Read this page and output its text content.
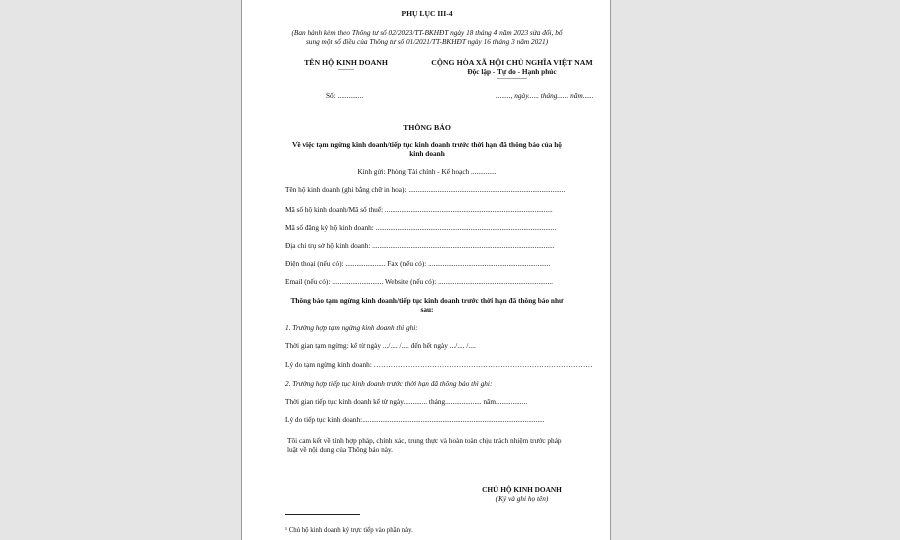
PHỤ LỤC III-4
(Ban hành kèm theo Thông tư số 02/2023/TT-BKHĐT ngày 18 tháng 4 năm 2023 sửa đổi, bổ
sung một số điều của Thông tư số 01/2021/TT-BKHĐT ngày 16 tháng 3 năm 2021)
TÊN HỘ KINH DOANH
--------
CỘNG HÒA XÃ HỘI CHỦ NGHĨA VIỆT NAM
Độc lập - Tự do - Hạnh phúc
---------------
Số: ..............	........, ngày...... tháng...... năm......
THÔNG BÁO
Về việc tạm ngừng kinh doanh/tiếp tục kinh doanh trước thời hạn đã thông báo của hộ
kinh doanh
Kính gửi: Phòng Tài chính - Kế hoạch ..............
Tên hộ kinh doanh (ghi bằng chữ in hoa): ......................................................................................
Mã số hộ kinh doanh/Mã số thuế: ............................................................................................
Mã số đăng ký hộ kinh doanh: ...................................................................................................
Địa chỉ trụ sở hộ kinh doanh: ....................................................................................................
Điện thoại (nếu có): ...................... Fax (nếu có): ...................................................................
Email (nếu có): ............................ Website (nếu có): ...............................................................
Thông báo tạm ngừng kinh doanh/tiếp tục kinh doanh trước thời hạn đã thông báo như
sau:
1. Trường hợp tạm ngừng kinh doanh thì ghi:
Thời gian tạm ngừng: kể từ ngày .../.... /.... đến hết ngày .../.... /....
Lý do tạm ngừng kinh doanh: ………………………………………………………………………………
2. Trường hợp tiếp tục kinh doanh trước thời hạn đã thông báo thì ghi:
Thời gian tiếp tục kinh doanh kể từ ngày............. tháng.................... năm.................
Lý do tiếp tục kinh doanh:....................................................................................................
Tôi cam kết về tính hợp pháp, chính xác, trung thực và hoàn toàn chịu trách nhiệm trước pháp
luật về nội dung của Thông báo này.
CHỦ HỘ KINH DOANH
(Ký và ghi họ tên)
¹ Chủ hộ kinh doanh ký trực tiếp vào phần này.
